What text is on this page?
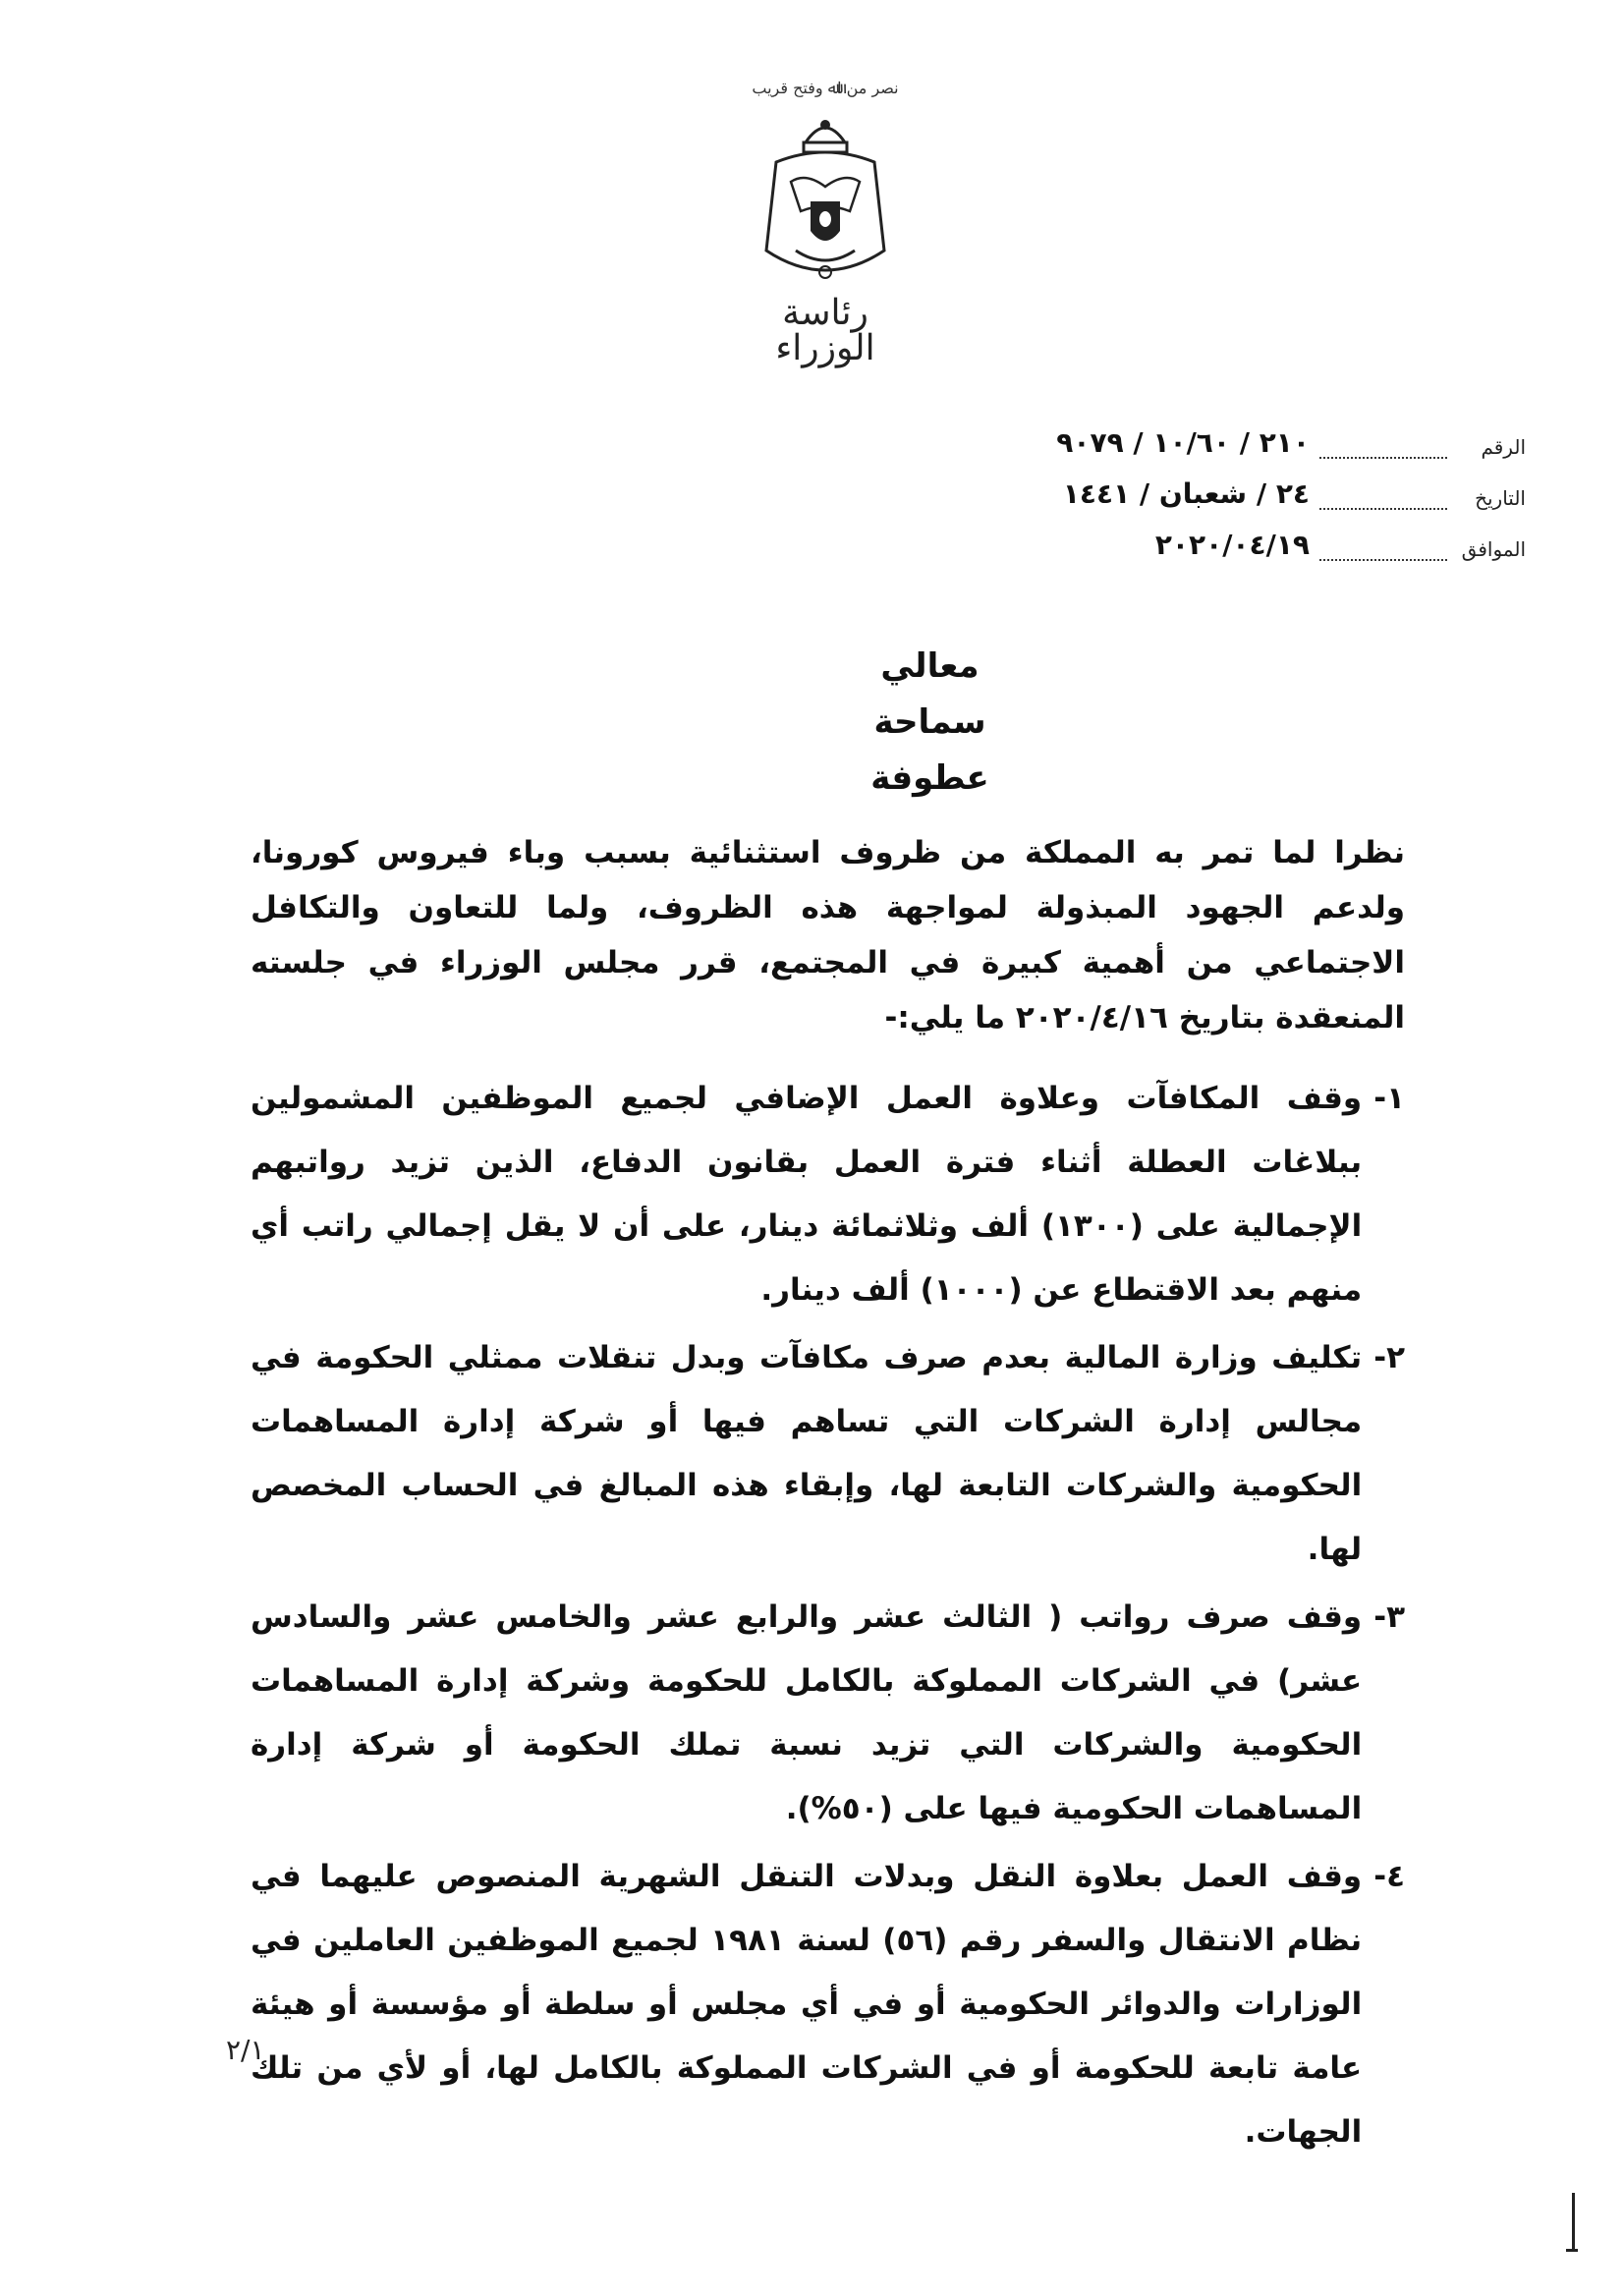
ﻧﺼﺮ ﻣﻦ اﷲ وﻓﺘﺢ ﻗﺮﯾﺐ
رئاسة الوزراء
الرقم
٢١٠ / ١٠/٦٠ / ٩٠٧٩
التاريخ
٢٤ / شعبان / ١٤٤١
الموافق
٢٠٢٠/٠٤/١٩
معالي
سماحة
عطوفة

نظرا لما تمر به المملكة من ظروف استثنائية بسبب وباء فيروس كورونا، ولدعم الجهود المبذولة لمواجهة هذه الظروف، ولما للتعاون والتكافل الاجتماعي من أهمية كبيرة في المجتمع، قرر مجلس الوزراء في جلسته المنعقدة بتاريخ ٢٠٢٠/٤/١٦ ما يلي:-

١-
وقف المكافآت وعلاوة العمل الإضافي لجميع الموظفين المشمولين ببلاغات العطلة أثناء فترة العمل بقانون الدفاع، الذين تزيد رواتبهم الإجمالية على (١٣٠٠) ألف وثلاثمائة دينار، على أن لا يقل إجمالي راتب أي منهم بعد الاقتطاع عن (١٠٠٠) ألف دينار.
٢-
تكليف وزارة المالية بعدم صرف مكافآت وبدل تنقلات ممثلي الحكومة في مجالس إدارة الشركات التي تساهم فيها أو شركة إدارة المساهمات الحكومية والشركات التابعة لها، وإبقاء هذه المبالغ في الحساب المخصص لها.
٣-
وقف صرف رواتب ( الثالث عشر والرابع عشر والخامس عشر والسادس عشر) في الشركات المملوكة بالكامل للحكومة وشركة إدارة المساهمات الحكومية والشركات التي تزيد نسبة تملك الحكومة أو شركة إدارة المساهمات الحكومية فيها على (٥٠%).
٤-
وقف العمل بعلاوة النقل وبدلات التنقل الشهرية المنصوص عليهما في نظام الانتقال والسفر رقم (٥٦) لسنة ١٩٨١ لجميع الموظفين العاملين في الوزارات والدوائر الحكومية أو في أي مجلس أو سلطة أو مؤسسة أو هيئة عامة تابعة للحكومة أو في الشركات المملوكة بالكامل لها، أو لأي من تلك الجهات.
٢/١
